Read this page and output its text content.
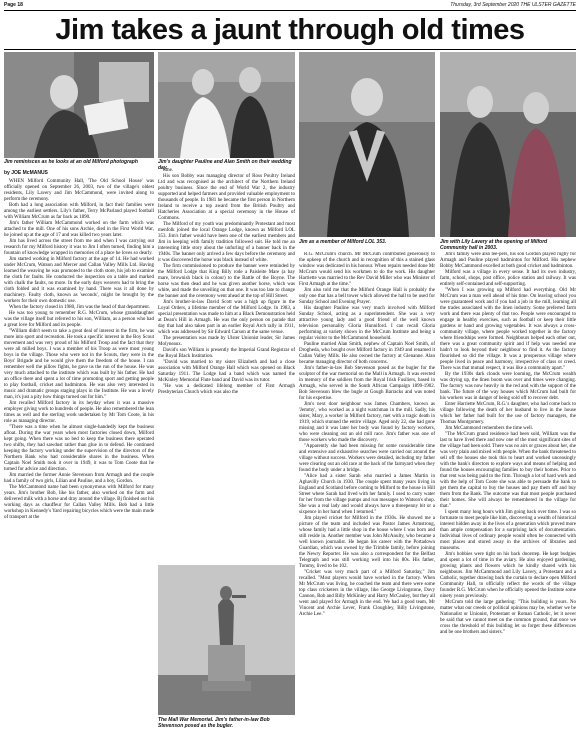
Page 18	Thursday, 3rd September 2020 THE ULSTER GAZETTE
Jim takes a jaunt through old times
Jim reminisces as he looks at an old Milford photograph	Jim's daughter Pauline and Alan Smith on their wedding day.
Jim as a member of Milford LOL 353.	Jim with Lily Lavery at the opening of Milford Community hall in 2003.
by JOE McMANUS

WHEN Milford Community Hall, 'The Old School House' was officially opened on September 26, 2003, two of the village's oldest residents, Lily Lavery and Jim McCammond, were invited along to perform the ceremony.

Both had a long association with Milford, in fact their families were among the earliest settlers. Lily's father, Terry McParland played football with William McCrum as far back as 1890.

Jim's father William McCammond worked on the farm which was attached to the mill. One of his sons Archie, died in the First World War, he joined up at the age of 17 and was killed two years later.

Jim has lived across the street from me and when I was carrying out research for my Milford history it was to Jim I often turned, finding him a fountain of knowledge wrapped in memories of a place he loves so dearly.

Jim started working in Milford factory at the age of 14. He had worked under McCrum, Watson and Mercer and Callan Valley Mills Ltd. Having learned the weaving he was promoted to the cloth store, his job to examine the cloth for faults. He conducted the inspection on a table and marked with chalk the faults, no more. In the early days weavers had to bring the cloth folded and it was examined by hand. There was it all done by machinery. Faulty cloth, known as 'seconds', might be brought by the workers for their own domestic use.

When the factory closed in 1980, Jim was the head of that department.

He was too young to remember R.G. McCrum, whose granddaughter was the village itself but referred to his son, William, as a person who had a great love for Milford and its people.

"William didn't seem to take a great deal of interest in the firm, he was more into sport and recreation. He took a specific interest in the Boy Scout movement and was very proud of his Milford Troop and the fact that they were all milled boys. I was a member of his Troop as were most young boys in the village. Those who were not in the Scouts, they were in the Boys' Brigade and he would give them the freedom of the house. I can remember well the pillow fights, he gave us the run of the house. He was very much attached to the institute which was built by his father. He had an office there and spent a lot of time promoting sport and getting people to play football, cricket and badminton. He was also very interested in music and dramatic groups staging plays in the Institute. He was a lovely man, it's just a pity how things turned out for him."

Jim recalled Milford factory in its heyday when it was a massive employer giving work to hundreds of people. He also remembered the lean times as well and the sterling work undertaken by Mr Tom Coote, in his role as managing director.

"There was a time when he almost single-handedly kept the business afloat. During the war years when most factories closed down, Milford kept going. When there was no bed to keep the business there operated two shifts, they had sawdust rather than glue in to defend. He continued keeping the factory working under the supervision of the directors of the Northern Bank who had considerable shares in the business. When Captain Noel Smith took it over in 1949, it was to Tom Coote that he turned for advice and direction.

Jim married the former Annie Stevenson from Armagh and the couple had a family of two girls, Lilian and Pauline, and a boy, Gordon.

The McCammond name had been synonymous with Milford for many years. Jim's brother Bob, like his father, also worked on the farm and delivered milk with a horse and dray around the village. Bj finished out his working days as chauffeur for Callan Valley Mills. Bob had a little workshop in Kennedy's Yard repairing bicycles which were the main mode of transport at the

time.

His son Bobby was managing director of Ross Poultry Ireland Ltd and was recognised as the architect of the Northern Ireland poultry business. Since the end of World War 2, the industry supported and helped farmers and provided valuable employment to thousands of people. In 1981 he became the first person in Northern Ireland to receive a top award from the British Poultry and Hatcheries Association at a special ceremony in the House of Commons.

The Milford of my youth was predominantly Protestant and most menfolk joined the local Orange Lodge, known as Milford LOL 353. Jim's father would have been one of the earliest members and Jim in keeping with family tradition followed suit. He told me an interesting little story about the unfurling of a banner back in the 1940s. The banner only arrived a few days before the ceremony and it was discovered the horse was black instead of white.

The firm commissioned to produce the banner were reminded by the Milford Lodge that King Billy rode a Paisleite Mare (a bay mare, brownish black in colour) to the Battle of the Boyne. The horse was then dead and he was given another horse, which was white, and made the unveiling on that one. It was too late to change the banner and the ceremony went ahead at the top of Hill Street.

Jim's brother-in-law David Scott was a high up figure in the Loyal Orders, a lifetime member of the Milford Lodge. In 1983, a special presentation was made to him at a Black Demonstration held at Dean's Hill in Armagh. He was the only person on parade that day that had also taken part in an earlier Royal Arch rally in 1911, which was addressed by Sir Edward Carson at the same venue.

The presentation was made by Ulster Unionist leader, Sir James Molyneaux.

David's son William is presently the Imperial Grand Registrar of the Royal Black Institution.

"David was married to my sister Elizabeth and had a close association with Milford Orange Hall which was opened on Black Saturday 1911. The Lodge had a band which was named the McKinley Memorial Flute band and David was its tutor.

"He was a dedicated lifelong member of First Armagh Presbyterian Church which was also the

The Mall War Memorial. Jim's father-in-law Bob Stevenson posed as the bugler.

R.G. McCrum's church. Mr McCrum contributed generously to the upkeep of the church and in recognition of this a stained glass window was dedicated in his honour. When repairs needed done Mr McCrum would send his workmen to do the work. His daughter Harriette was married to the Rev David Miller who was Minister of First Armagh at the time."

Jim also told me that the Milford Orange Hall is probably the only one that has a bell tower which allowed the hall to be used for Sunday School and Evening Prayer.

His daughter Pauline was very much involved with Milford Sunday School, acting as a superintendent. She was a very attractive young lady and a good friend of the well known television personality Gloria Hunniford. I can recall Gloria performing at variety shows in the McCrum Institute and being a regular visitor to the McCammond household.

Pauline married Alan Smith, nephew of Captain Noel Smith, of Drogheda, who bought over Milford factory in 1949 and renamed it Callan Valley Mills. He also owned the factory at Glenanne. Alan became managing director of both concerns.

Jim's father-in-law Bob Stevenson posed as the bugler for the sculptor of the war memorial on the Mall in Armagh. It was erected in memory of the soldiers from the Royal Irish Fusiliers, based in Armagh, who served in the South African Campaign 1899-1902. Bob Stevenson blew the bugle at Gough Barracks and was noted for his expertise.

Jim's next door neighbour was James Chambers, known as 'Jemmy', who worked as a night watchman in the mill. Sadly, his sister, Mary, a worker in Milford factory, met with a tragic death in 1919, which stunned the entire village. Aged only 22, she had gone missing and it was later her body was found by factory workers, who were cleaning out an old mill race. Jim's father was one of those workers who made the discovery.

"Apparently she had been missing for some considerable time and extensive and exhaustive searches were carried out around the village without success. Workers were detailed, including my father were clearing out an old race at the back of the farmyard when they found the body under a bridge.

"Alice had a sister Sarah who married a James Martin in Aghavilly Church in 1930. The couple spent many years living in England and Scotland before coming to Milford to the house in Hill Street where Sarah had lived with her family. I used to carry water for her from the village pumps and run messages to Watson's shop. She was a real lady and would always have a threepenny bit or a sixpence in her hand when I returned."

Jim played cricket for Milford in the 1930s. He showed me a picture of the team and included was Pastor James Armstrong, whose family had a little shop in the house where I was born and still reside in. Another member was John McAnulty, who became a well known journalist. He began his career with the Portadown Guardian, which was owned by the Trimble family, before joining the Newry Reporter. He was also a correspondent for the Belfast Telegraph and was still working well into his 80s. His father, Tommy, lived to be 102.

"Cricket was very much part of a Milford Saturday," Jim recalled. "Most players would have worked in the factory. When Mr McCrum was living, he coached the team and there were some top class cricketers in the village, like George Livingstone, Davy Cannon, Bob and Billy McKinley and Harry McCauley, but they all went and played for Armagh in the end. We had a good team, Mr Vincent and Archie Lever, Frank Cloughley, Billy Livingstone, Archie Lee."

Jim's family were also tee-pers, his son Gordon played rugby for Armagh and Pauline played badminton for Milford. His nephew Bobby McCammond excelled at both good cricket and badminton.

Milford was a village in every sense. It had its own industry, farm, school, shops, post office, police station and railway. It was entirely self-contained and self-supporting.

"When I was growing up Milford had everything. Old Mr McCrum was a man well ahead of his time. On leaving school you were guaranteed work and if you had a job in the mill, learning all the trades associated with the linen industry. Some preferred farm work and there was plenty of that too. People were encouraged to engage in healthy exercises, such as football or keep their little gardens or hand and growing vegetables. It was always a cross-community village, where people worked together in the factory where friendships were formed. Neighbours helped each other out, there was a great community spirit and if help was needed one hadn't to look beyond their neighbour to find it. As the factory flourished so did the village. It was a prosperous village where people lived in peace and harmony, irrespective of class or creed. There was that mutual respect, it was like a community apart."

By the 1930s dark clouds were looming, the McCrum wealth was drying up, the linen boom was over and times were changing. The factory was now heavily in the red and with the support of the bank. The future of the way houses which McCrum had built for his workers was in danger of being sold off to recover debt.

Enter Harriette McCrum, R.G.'s daughter, who had come back to village following the death of her husband to live in the house which her father had built for the use of factory managers, the Thomas Montgomery.

Jim McCammond remembers the time well.

"The McCrum grand residence had been sold, William was the last to have lived there and now one of the most significant sites of the village had been sold. There was no airs or graces about her, she was very plain and mixed with people. When the bank threatened to sell off the houses she took this to heart and worked unceasingly with the bank's directors to explore ways and means of helping and found the houses encouraging families to buy their homes. Prior to that rent was being paid to the firm. Through a lot of hard work and with the help of Tom Coote she was able to persuade the bank to get them the capital to buy the houses and pay them off and buy them from the Bank. The outcome was that most people purchased their homes. She will always be remembered in the village for that."

I spent many long hours with Jim going back over time. I was so fortunate to meet people like him, discovering a wealth of historical interest hidden away in the lives of a generation which proved more than ample compensation for a surprising lack of documentation. Individual lives of ordinary people would often be connected with most places and stored away in the archives of libraries and museums.

Jim's hobbies were tight on his back doorstep. He kept budgies and spent a lot of time in the aviary. He also enjoyed gardening, growing plants and flowers which he kindly shared with his neighbours. Jim McCammond and Lily Lavery, a Protestant and a Catholic, together drawing back the curtain to declare open Milford Community Hall, to officially reflect the words of the village founder R.G. McCrum when he officially opened the Institute some ninety years previously.

McCrum told the large gathering: "This building is yours. No matter what our creeds or political opinions may be, whether we be Nationalist or Unionist, Protestant or Roman Catholic, let it never be said that we cannot meet on the common ground, that once we cross the threshold of this building let us forget these differences and be one brothers and sisters."
